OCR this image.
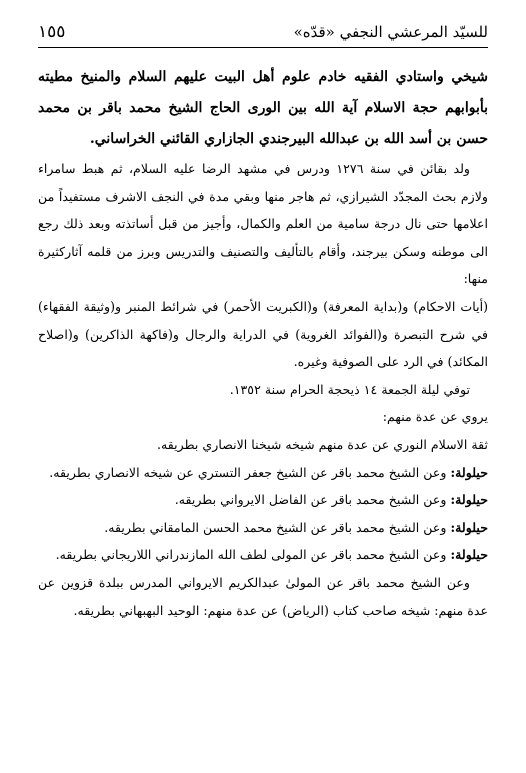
للسيّد المرعشي النجفي «قدّه»
١٥٥

شيخي واستادي الفقيه خادم علوم أهل البيت عليهم السلام والمنيخ مطيته بأبوابهم حجة الاسلام آية الله بين الورى الحاج الشيخ محمد باقر بن محمد حسن بن أسد الله بن عبدالله البيرجندي الجازاري القائني الخراساني.

ولد بقائن في سنة ١٢٧٦ ودرس في مشهد الرضا عليه السلام، ثم هبط سامراء ولازم بحث المجدّد الشيرازي، ثم هاجر منها وبقي مدة في النجف الاشرف مستفيداً من اعلامها حتى نال درجة سامية من العلم والكمال، وأجيز من قبل أساتذته وبعد ذلك رجع الى موطنه وسكن بيرجند، وأقام بالتأليف والتصنيف والتدريس وبرز من قلمه آثاركثيرة منها:

(أيات الاحكام) و(بداية المعرفة) و(الكبريت الأحمر) في شرائط المنبر و(وثيقة الفقهاء) في شرح التبصرة و(الفوائد الغروية) في الدراية والرجال و(فاكهة الذاكرين) و(اصلاح المكائد) في الرد على الصوفية وغيره.

توفي ليلة الجمعة ١٤ ذيحجة الحرام سنة ١٣٥٢.

يروي عن عدة منهم:

ثقة الاسلام النوري عن عدة منهم شيخه شيخنا الانصاري بطريقه.

حيلولة: وعن الشيخ محمد باقر عن الشيخ جعفر التستري عن شيخه الانصاري بطريقه.

حيلولة: وعن الشيخ محمد باقر عن الفاضل الايرواني بطريقه.

حيلولة: وعن الشيخ محمد باقر عن الشيخ محمد الحسن المامقاني بطريقه.

حيلولة: وعن الشيخ محمد باقر عن المولى لطف الله المازندراني اللاريجاني بطريقه.

وعن الشيخ محمد باقر عن المولىٰ عبدالكريم الايرواني المدرس ببلدة قزوين عن عدة منهم: شيخه صاحب كتاب (الرياض) عن عدة منهم: الوحيد البهبهاني بطريقه.
